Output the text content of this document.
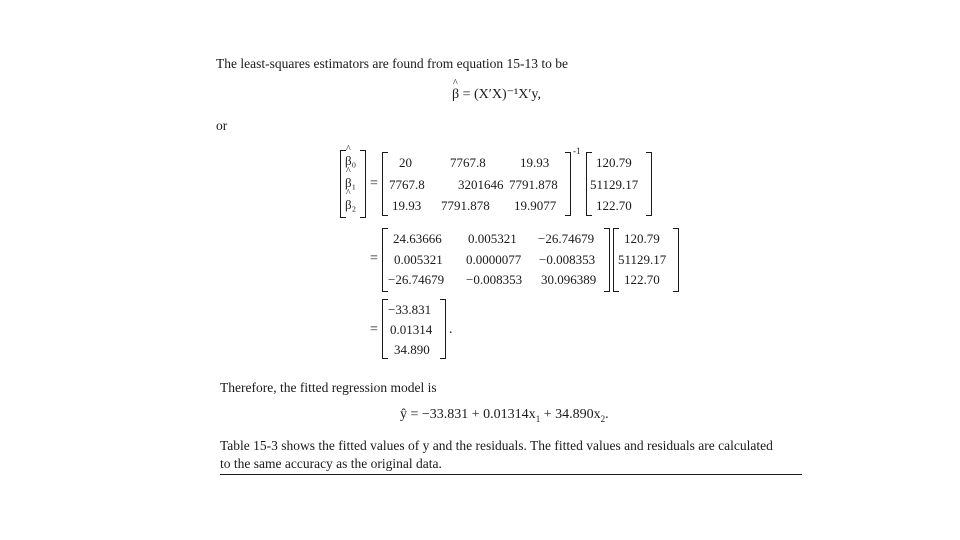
The least-squares estimators are found from equation 15-13 to be
^ β = (X′X)⁻¹X′y,
or
^ β₀
^ β₁
^ β₂
=
20	7767.8	19.93
7767.8	3201646 7791.878
19.93 7791.878 19.9077
-1
120.79
51129.17
122.70
=
24.63666 0.005321 −26.74679
0.005321 0.0000077 −0.008353
−26.74679 −0.008353 30.096389
120.79
51129.17
122.70
=
−33.831
0.01314
34.890
.
Therefore, the fitted regression model is
ŷ = $-33.831 + 0.01314x_1 + 34.890x_2$.
Table 15-3 shows the fitted values of y and the residuals. The fitted values and residuals are calculated
to the same accuracy as the original data.
